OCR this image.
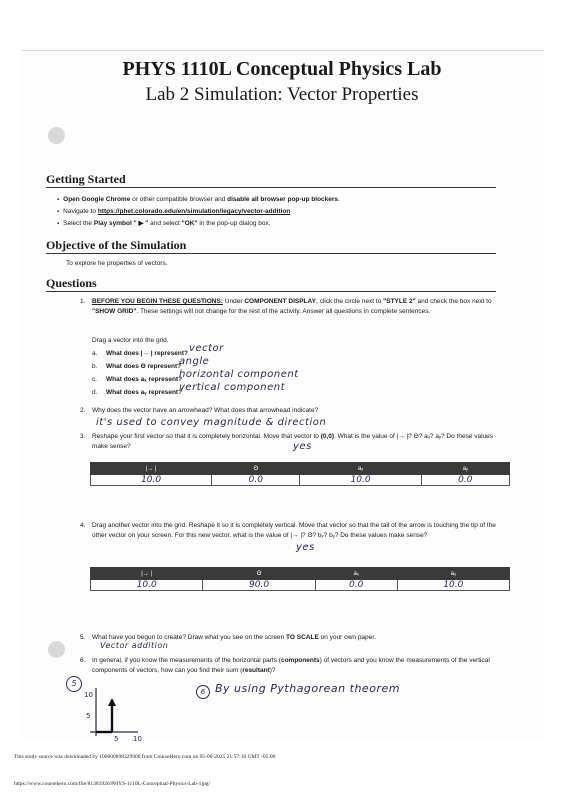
PHYS 1110L Conceptual Physics Lab
Lab 2 Simulation: Vector Properties
Getting Started
▪ Open Google Chrome or other compatible browser and disable all browser pop-up blockers.
▪ Navigate to https://phet.colorado.edu/en/simulation/legacy/vector-addition
▪ Select the Play symbol " ▶ " and select "OK" in the pop-up dialog box.
Objective of the Simulation
To explore he properties of vectors.
Questions
1. BEFORE YOU BEGIN THESE QUESTIONS: Under COMPONENT DISPLAY, click the circle next to "STYLE 2" and check the box next to "SHOW GRID". These settings will not change for the rest of the activity. Answer all questions in complete sentences.
Drag a vector into the grid.
a. What does |→ | represent? vector
b. What does Θ represent?
angle
c. What does aₓ represent?
horizontal component
d. What does aᵧ represent?
vertical component
2. Why does the vector have an arrowhead? What does that arrowhead indicate?
it's used to convey magnitude & direction
3. Reshape your first vector so that it is completely horizontal. Move that vector to (0,0). What is the value of |→ |? Θ? aₓ? aᵧ? Do these values make sense?	yes
|→ |	Θ	aₓ	aᵧ
10.0	0.0	10.0	0.0
4. Drag another vector into the grid. Reshape it so it is completely vertical. Move that vector so that the tail of the arrow is touching the tip of the other vector on your screen. For this new vector, what is the value of |→ |? Θ? bₓ? bᵧ? Do these values make sense?
yes
|→ |	Θ	aₓ	aᵧ
10.0	90.0	0.0	10.0
5. What have you begun to create? Draw what you see on the screen TO SCALE on your own paper.
Vector addition
6. In general, if you know the measurements of the horizontal parts (components) of vectors and you know the measurements of the vertical components of vectors, how can you find their sum (resultant)?
5
6 By using Pythagorean theorem
10
5
5 10
This study source was downloaded by 100000898329900 from CourseHero.com on 05-06-2025 21:57:10 GMT -05:00
https://www.coursehero.com/file/81381926/PHYS-1110L-Conceptual-Physics-Lab-1jpg/
